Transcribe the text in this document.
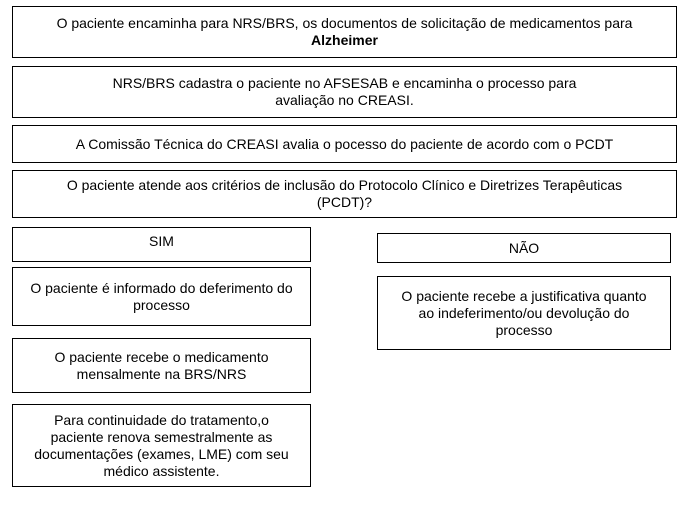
O paciente encaminha para NRS/BRS, os documentos de solicitação de medicamentos para
Alzheimer
NRS/BRS cadastra o paciente no AFSESAB e encaminha o processo para avaliação no CREASI.
A Comissão Técnica do CREASI avalia o pocesso do paciente de acordo com o PCDT
O paciente atende aos critérios de inclusão do Protocolo Clínico e Diretrizes Terapêuticas (PCDT)?
SIM	NÃO
O paciente é informado do deferimento do processo
O paciente recebe a justificativa quanto ao indeferimento/ou devolução do processo
O paciente recebe o medicamento mensalmente na BRS/NRS
Para continuidade do tratamento,o paciente renova semestralmente as documentações (exames, LME) com seu médico assistente.
